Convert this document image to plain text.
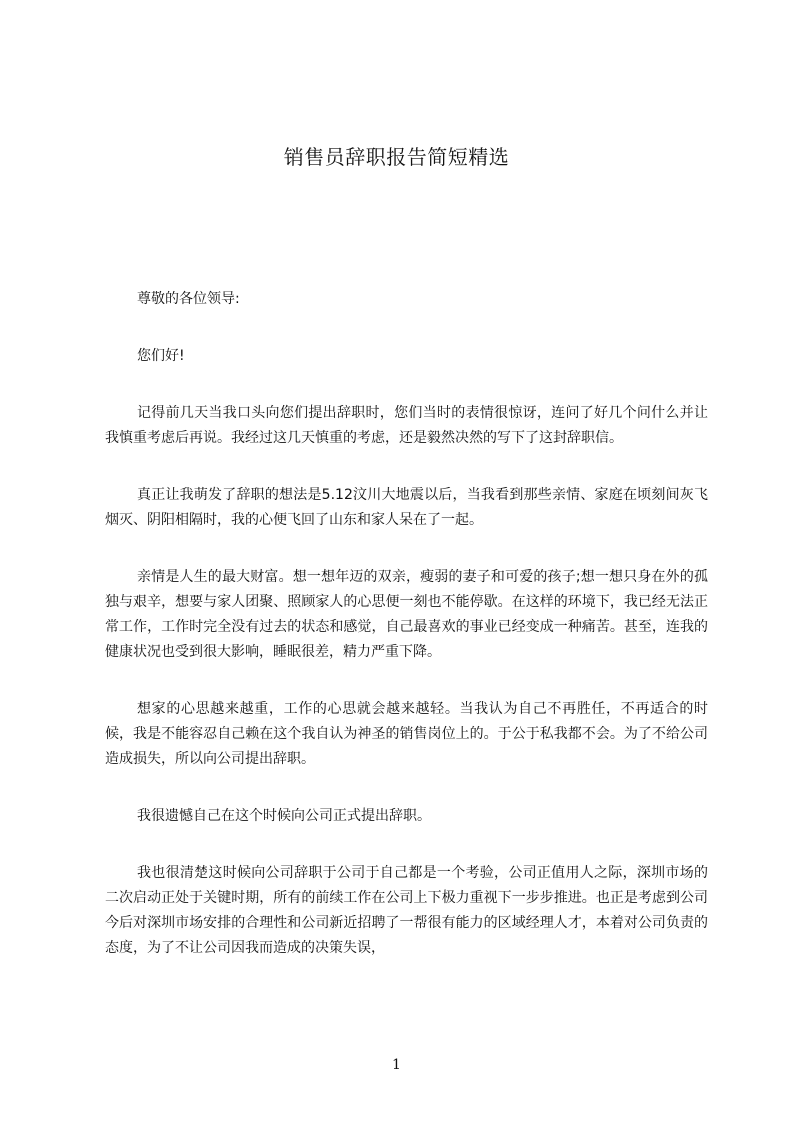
销售员辞职报告简短精选

尊敬的各位领导:

您们好!

记得前几天当我口头向您们提出辞职时，您们当时的表情很惊讶，连问了好几个问什么并让我慎重考虑后再说。我经过这几天慎重的考虑，还是毅然决然的写下了这封辞职信。

真正让我萌发了辞职的想法是5.12汶川大地震以后，当我看到那些亲情、家庭在顷刻间灰飞烟灭、阴阳相隔时，我的心便飞回了山东和家人呆在了一起。

亲情是人生的最大财富。想一想年迈的双亲，瘦弱的妻子和可爱的孩子;想一想只身在外的孤独与艰辛，想要与家人团聚、照顾家人的心思便一刻也不能停歇。在这样的环境下，我已经无法正常工作，工作时完全没有过去的状态和感觉，自己最喜欢的事业已经变成一种痛苦。甚至，连我的健康状况也受到很大影响，睡眠很差，精力严重下降。

想家的心思越来越重，工作的心思就会越来越轻。当我认为自己不再胜任，不再适合的时候，我是不能容忍自己赖在这个我自认为神圣的销售岗位上的。于公于私我都不会。为了不给公司造成损失，所以向公司提出辞职。

我很遗憾自己在这个时候向公司正式提出辞职。

我也很清楚这时候向公司辞职于公司于自己都是一个考验，公司正值用人之际，深圳市场的二次启动正处于关键时期，所有的前续工作在公司上下极力重视下一步步推进。也正是考虑到公司今后对深圳市场安排的合理性和公司新近招聘了一帮很有能力的区域经理人才，本着对公司负责的态度，为了不让公司因我而造成的决策失误，

1
